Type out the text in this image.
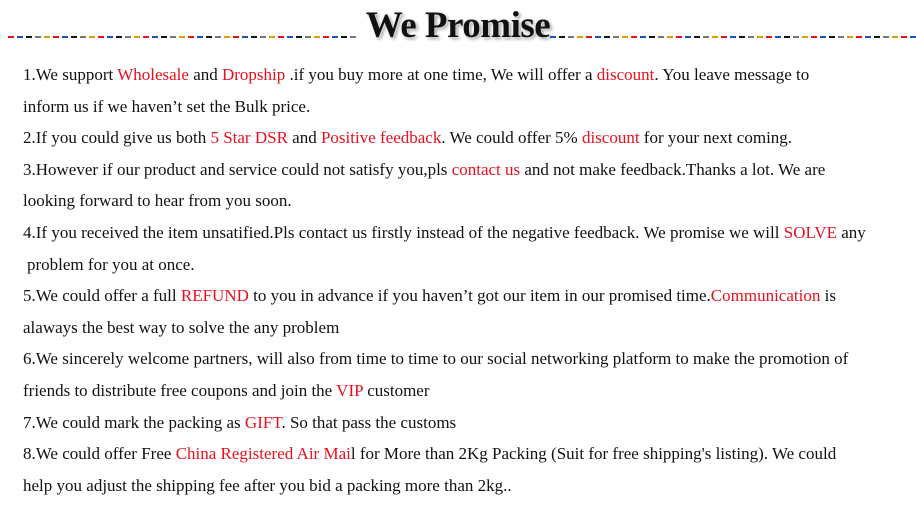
We Promise
1.We support Wholesale and Dropship .if you buy more at one time, We will offer a discount. You leave message to
inform us if we haven’t set the Bulk price.
2.If you could give us both 5 Star DSR and Positive feedback. We could offer 5% discount for your next coming.
3.However if our product and service could not satisfy you,pls contact us and not make feedback.Thanks a lot. We are
looking forward to hear from you soon.
4.If you received the item unsatified.Pls contact us firstly instead of the negative feedback. We promise we will SOLVE any
problem for you at once.
5.We could offer a full REFUND to you in advance if you haven’t got our item in our promised time.Communication is
alaways the best way to solve the any problem
6.We sincerely welcome partners, will also from time to time to our social networking platform to make the promotion of
friends to distribute free coupons and join the VIP customer
7.We could mark the packing as GIFT. So that pass the customs
8.We could offer Free China Registered Air Mail for More than 2Kg Packing (Suit for free shipping's listing). We could
help you adjust the shipping fee after you bid a packing more than 2kg..
